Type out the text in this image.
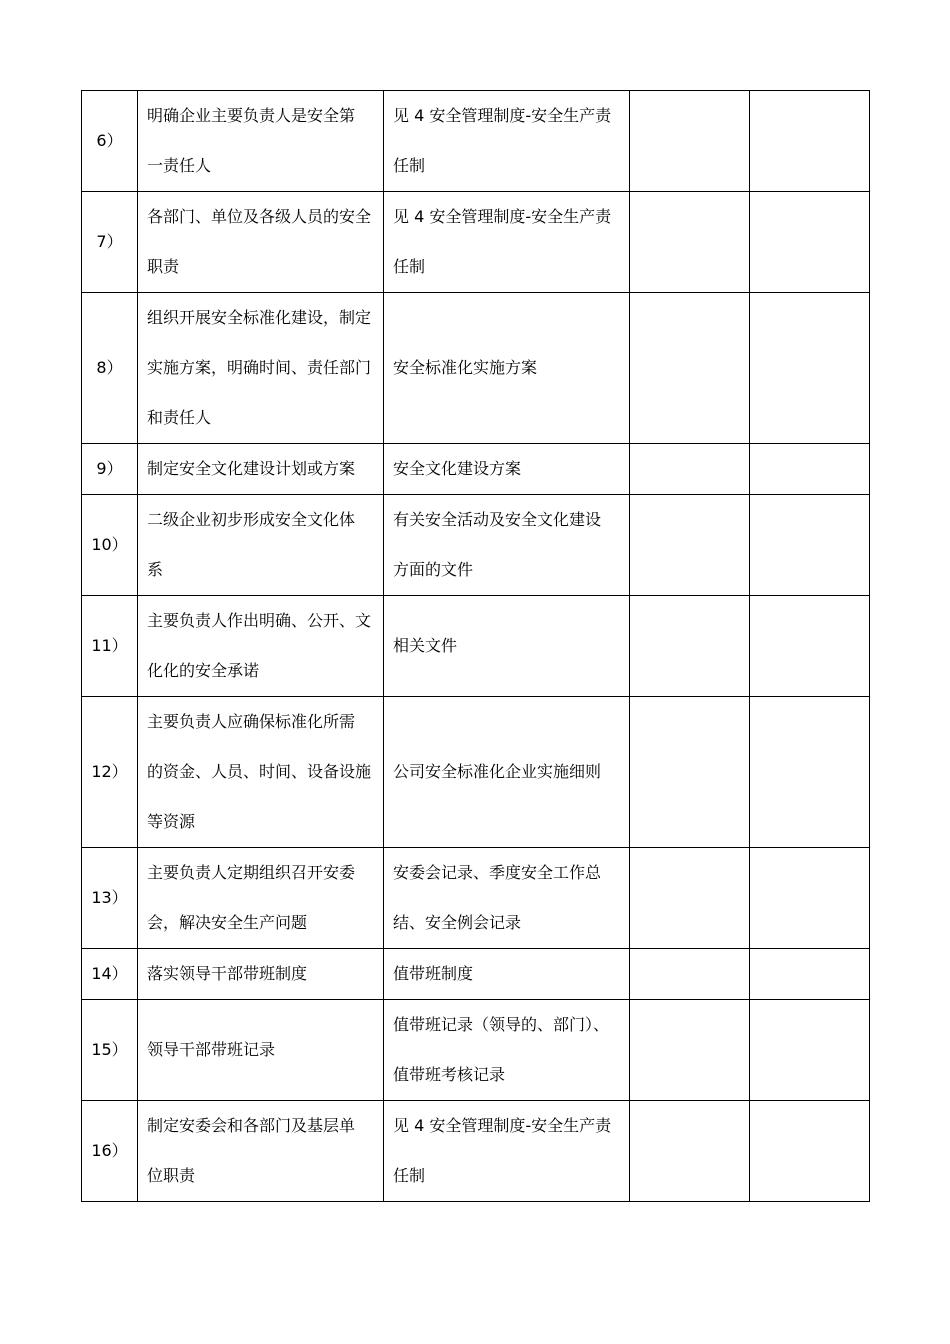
6）	明确企业主要负责人是安全第
一责任人	见 4 安全管理制度-安全生产责
任制		

7）	各部门、单位及各级人员的安全
职责	见 4 安全管理制度-安全生产责
任制		

8）	组织开展安全标准化建设，制定
实施方案，明确时间、责任部门
和责任人	安全标准化实施方案		

9）	制定安全文化建设计划或方案	安全文化建设方案		

10）	二级企业初步形成安全文化体
系	有关安全活动及安全文化建设
方面的文件		

11）	主要负责人作出明确、公开、文
化化的安全承诺	相关文件		

12）	主要负责人应确保标准化所需
的资金、人员、时间、设备设施
等资源	公司安全标准化企业实施细则		

13）	主要负责人定期组织召开安委
会，解决安全生产问题	安委会记录、季度安全工作总
结、安全例会记录		

14）	落实领导干部带班制度	值带班制度		

15）	领导干部带班记录	值带班记录（领导的、部门）、
值带班考核记录		

16）	制定安委会和各部门及基层单
位职责	见 4 安全管理制度-安全生产责
任制		
